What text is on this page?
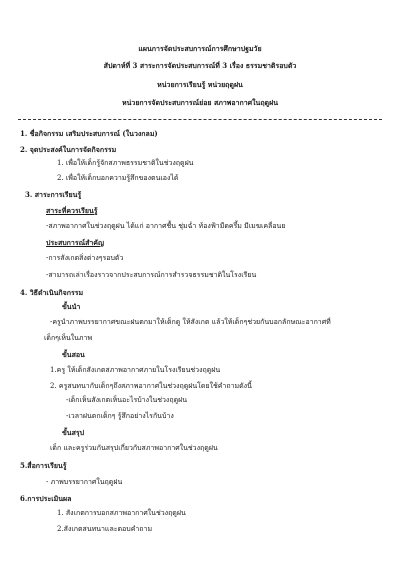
แผนการจัดประสบการณ์การศึกษาปฐมวัย
สัปดาห์ที่ 3 สาระการจัดประสบการณ์ที่ 3 เรื่อง ธรรมชาติรอบตัว
หน่วยการเรียนรู้ หน่วยฤดูฝน
หน่วยการจัดประสบการณ์ย่อย สภาพอากาศในฤดูฝน
1. ชื่อกิจกรรม เสริมประสบการณ์ (ในวงกลม)
2. จุดประสงค์ในการจัดกิจกรรม
1. เพื่อให้เด็กรู้จักสภาพธรรมชาติในช่วงฤดูฝน
2. เพื่อให้เด็กบอกความรู้สึกของตนเองได้
3. สาระการเรียนรู้
สาระที่ควรเรียนรู้
-สภาพอากาศในช่วงฤดูฝน ได้แก่ อากาศชื้น ชุ่มฉ่ำ ท้องฟ้ามืดครึ้ม มีเมฆเคลื่อนย
ประสบการณ์สำคัญ
-การสังเกตสิ่งต่างๆรอบตัว
-สามารถเล่าเรื่องราวจากประสบการณ์การสำรวจธรรมชาติในโรงเรียน
4. วิธีดำเนินกิจกรรม
ขั้นนำ
-ครูนำภาพบรรยากาศขณะฝนตกมาให้เด็กดู ให้สังเกต แล้วให้เด็กๆช่วยกันบอกลักษณะอากาศที่
เด็กๆเห็นในภาพ
ขั้นสอน
1.ครู ให้เด็กสังเกตสภาพอากาศภายในโรงเรียนช่วงฤดูฝน
2. ครูสนทนากับเด็กๆถึงสภาพอากาศในช่วงฤดูฝนโดยใช้คำถามดังนี้
-เด็กเห็นสังเกตเห็นอะไรบ้างในช่วงฤดูฝน
-เวลาฝนตกเด็กๆ รู้สึกอย่างไรกันบ้าง
ขั้นสรุป
เด็ก และครูร่วมกันสรุปเกี่ยวกับสภาพอากาศในช่วงฤดูฝน
5.สื่อการเรียนรู้
- ภาพบรรยากาศในฤดูฝน
6.การประเมินผล
1. สังเกตการบอกสภาพอากาศในช่วงฤดูฝน
2.สังเกตสนทนาและตอบคำถาม
